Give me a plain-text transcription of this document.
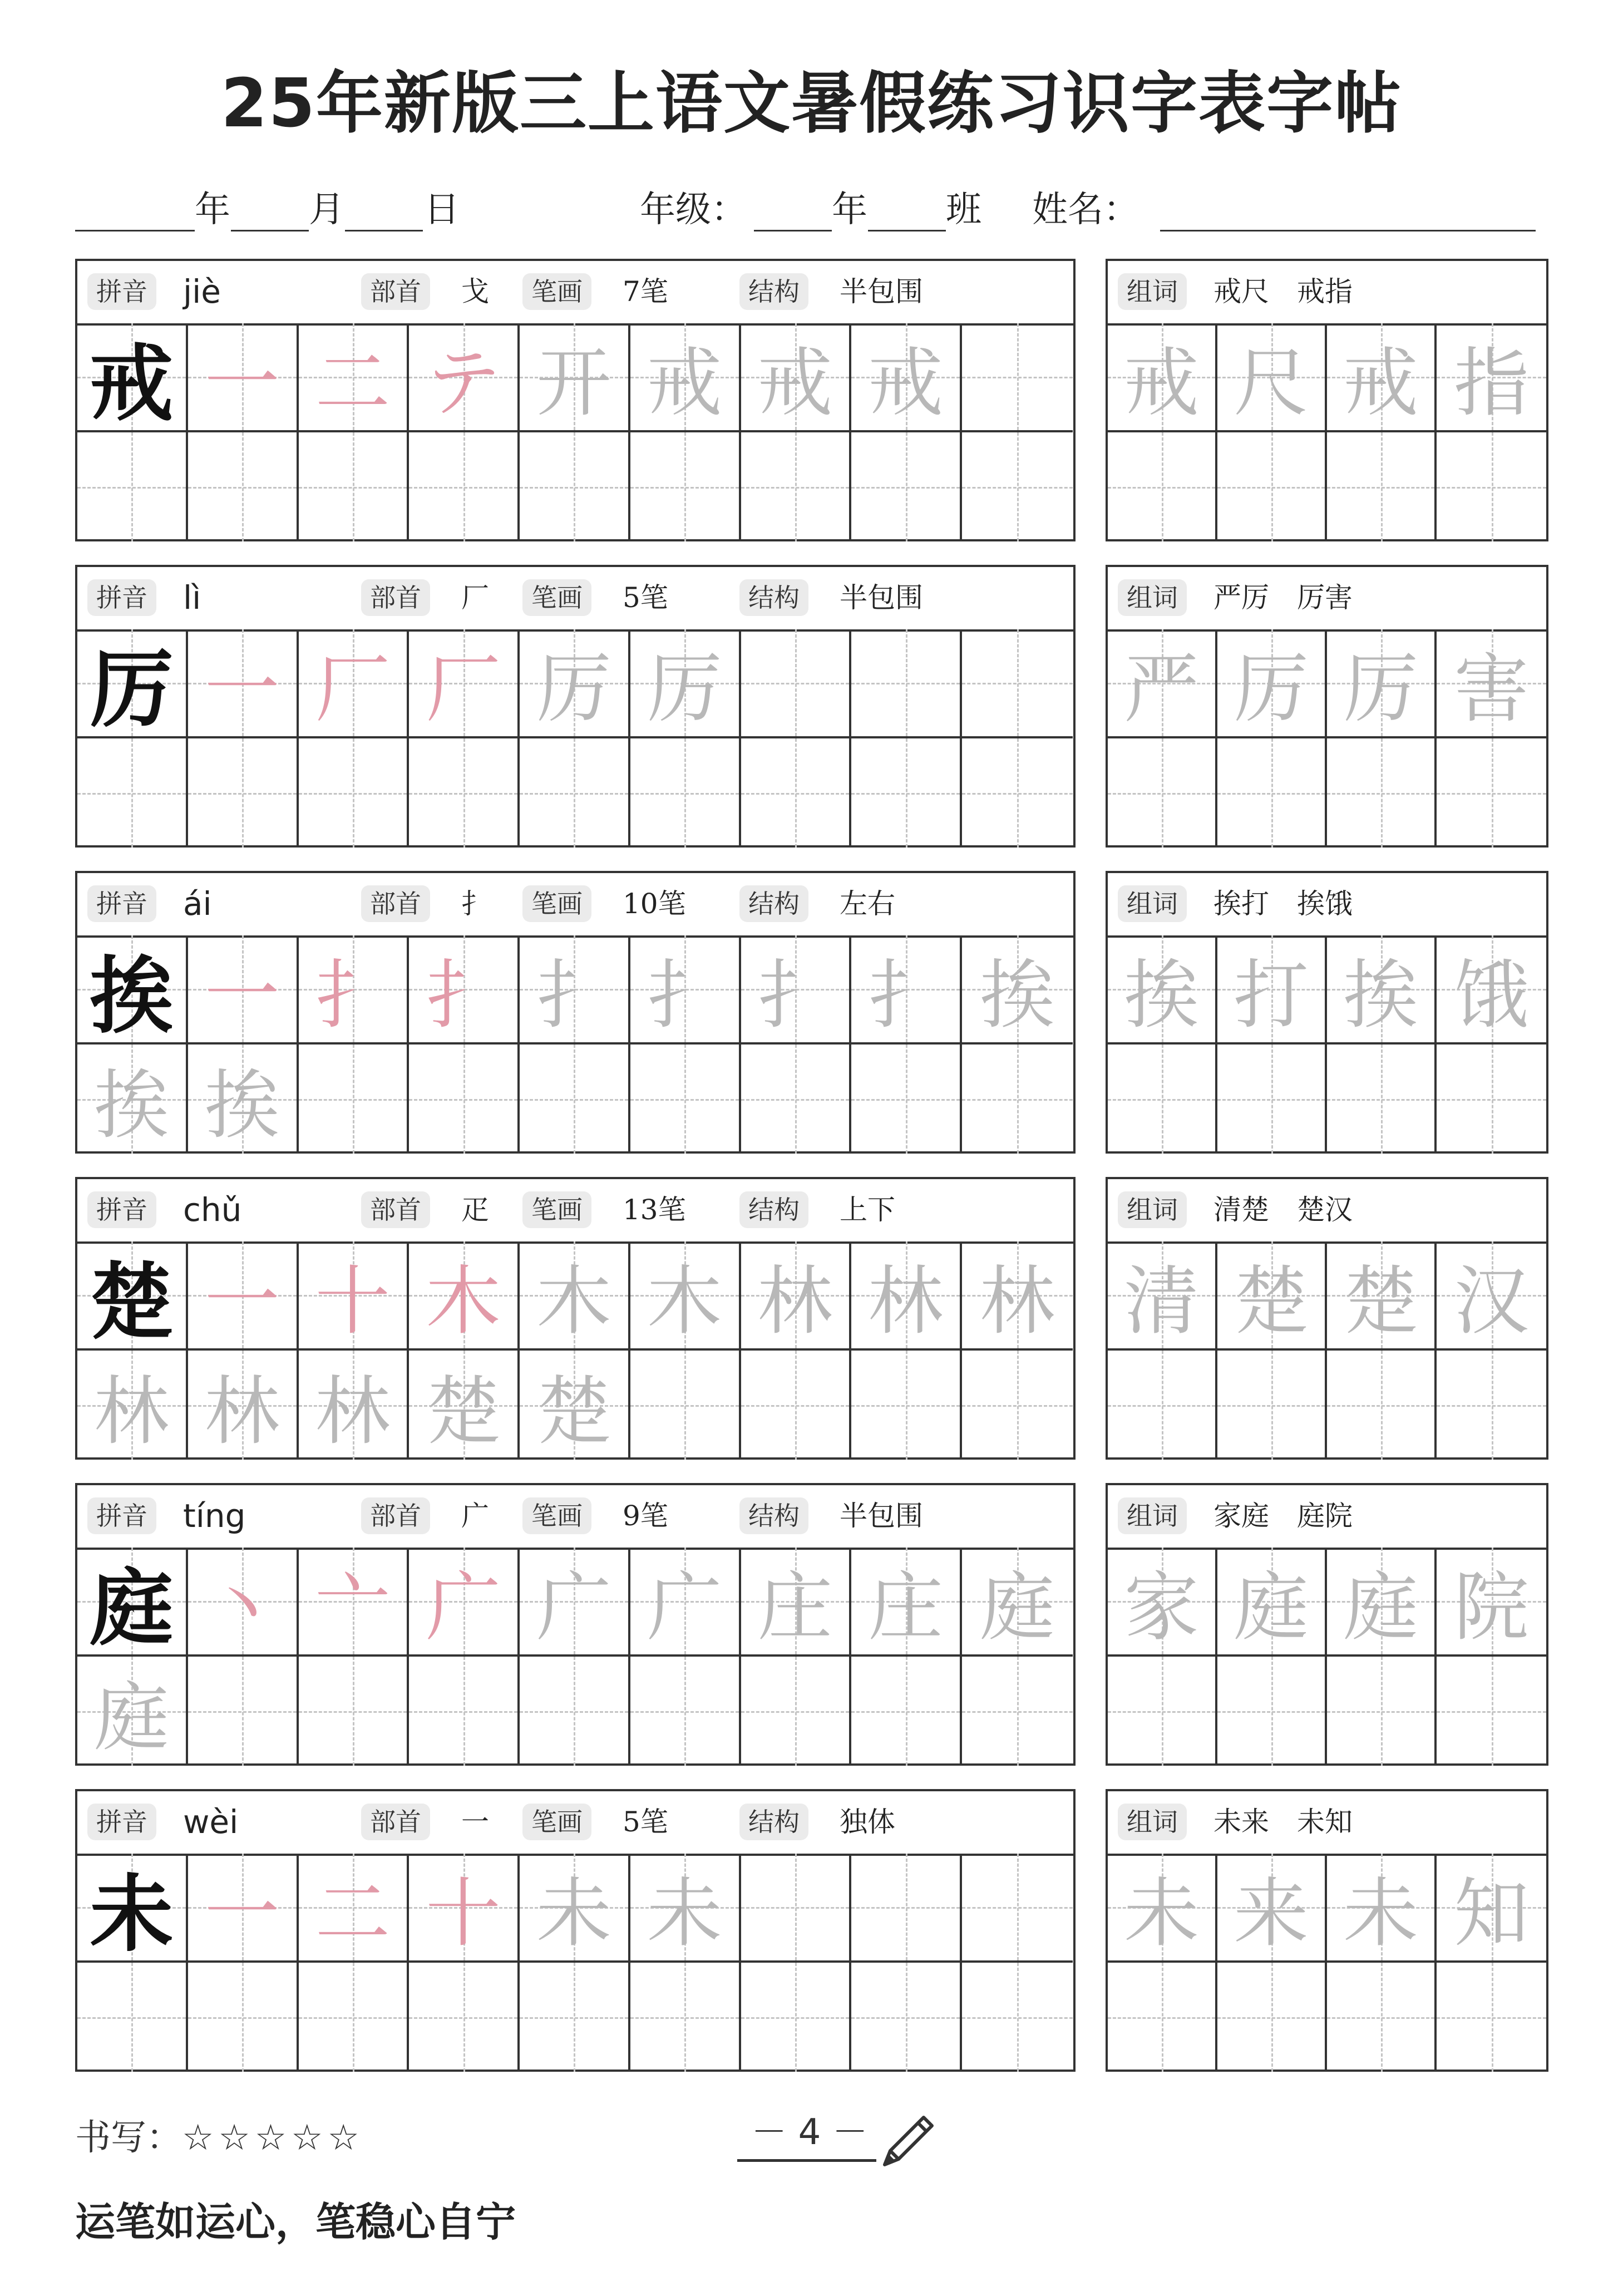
25年新版三上语文暑假练习识字表字帖
年 月 日	年级： 年 班 姓名：
拼音 jiè	部首	戈	笔画	7笔	结构	半包围
戒 一 二 テ 开 戒 戒 戒
组词	戒尺　戒指
戒 尺 戒 指
拼音 lì	部首	厂	笔画	5笔	结构	半包围
厉 一 厂 厂 厉 厉
组词	严厉　厉害
严 厉 厉 害
拼音 ái	部首	扌	笔画	10笔	结构	左右
挨 一 扌 扌 扌 扌 扌 扌 挨
挨 挨
组词	挨打　挨饿
挨 打 挨 饿
拼音 chǔ	部首	疋	笔画	13笔	结构	上下
楚 一 十 木 木 木 林 林 林
林 林 林 楚 楚
组词	清楚　楚汉
清 楚 楚 汉
拼音 tíng	部首	广	笔画	9笔	结构	半包围
庭 丶 亠 广 广 广 庄 庄 庭
庭
组词	家庭　庭院
家 庭 庭 院
拼音 wèi	部首	一	笔画	5笔	结构	独体
未 一 二 十 未 未
组词	未来　未知
未 来 未 知
书写：☆☆☆☆☆	－ 4 －
运笔如运心，笔稳心自宁
